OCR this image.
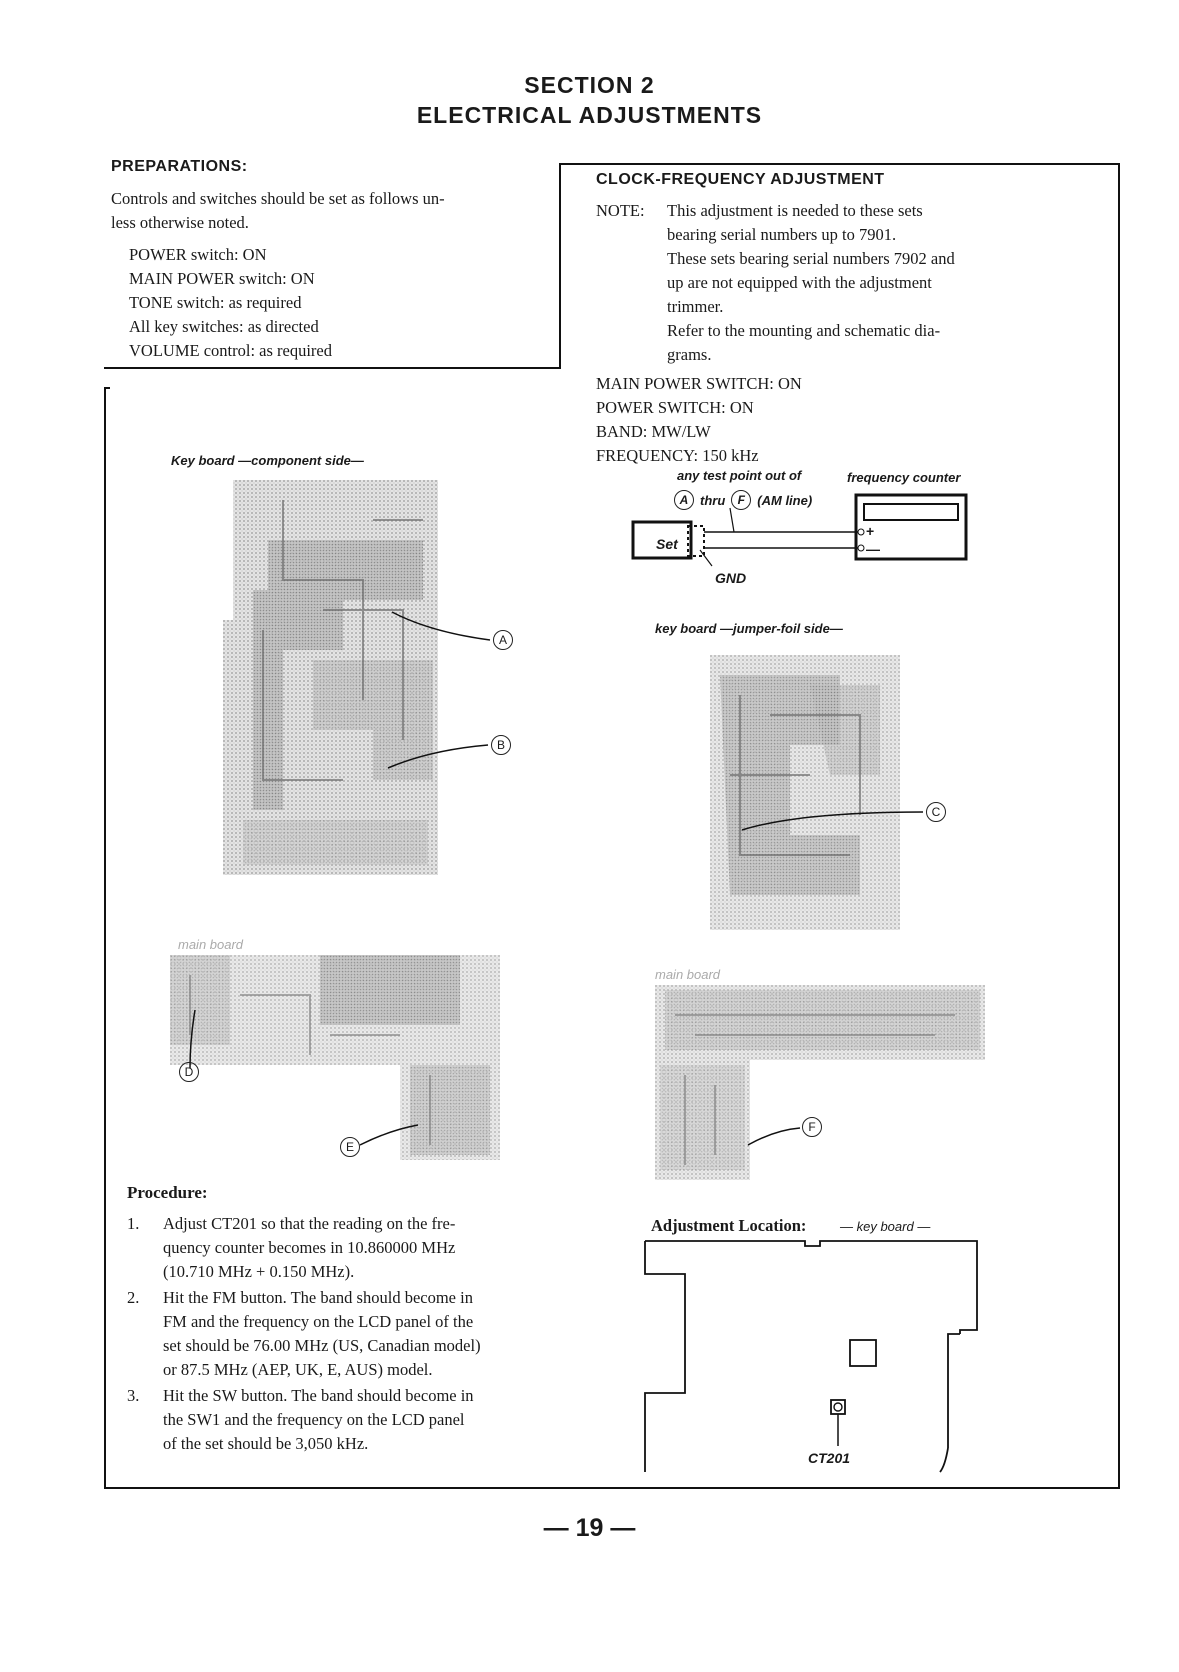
SECTION 2
ELECTRICAL ADJUSTMENTS
PREPARATIONS:
Controls and switches should be set as follows un-
less otherwise noted.
POWER switch: ON
MAIN POWER switch: ON
TONE switch: as required
All key switches: as directed
VOLUME control: as required
CLOCK-FREQUENCY ADJUSTMENT
NOTE: This adjustment is needed to these sets
bearing serial numbers up to 7901.
These sets bearing serial numbers 7902 and
up are not equipped with the adjustment
trimmer.
Refer to the mounting and schematic dia-
grams.
MAIN POWER SWITCH: ON
POWER SWITCH: ON
BAND: MW/LW
FREQUENCY: 150 kHz
any test point out of	frequency counter
A thru	F (AM line)
Set
+
—
GND
Key board —component side—
key board —jumper-foil side—
main board
main board
A
B
C
D
E
F
Procedure:
1. Adjust CT201 so that the reading on the fre-
quency counter becomes in 10.860000 MHz
(10.710 MHz + 0.150 MHz).
2. Hit the FM button. The band should become in
FM and the frequency on the LCD panel of the
set should be 76.00 MHz (US, Canadian model)
or 87.5 MHz (AEP, UK, E, AUS) model.
3. Hit the SW button. The band should become in
the SW1 and the frequency on the LCD panel
of the set should be 3,050 kHz.
Adjustment Location:	— key board —
CT201
— 19 —
